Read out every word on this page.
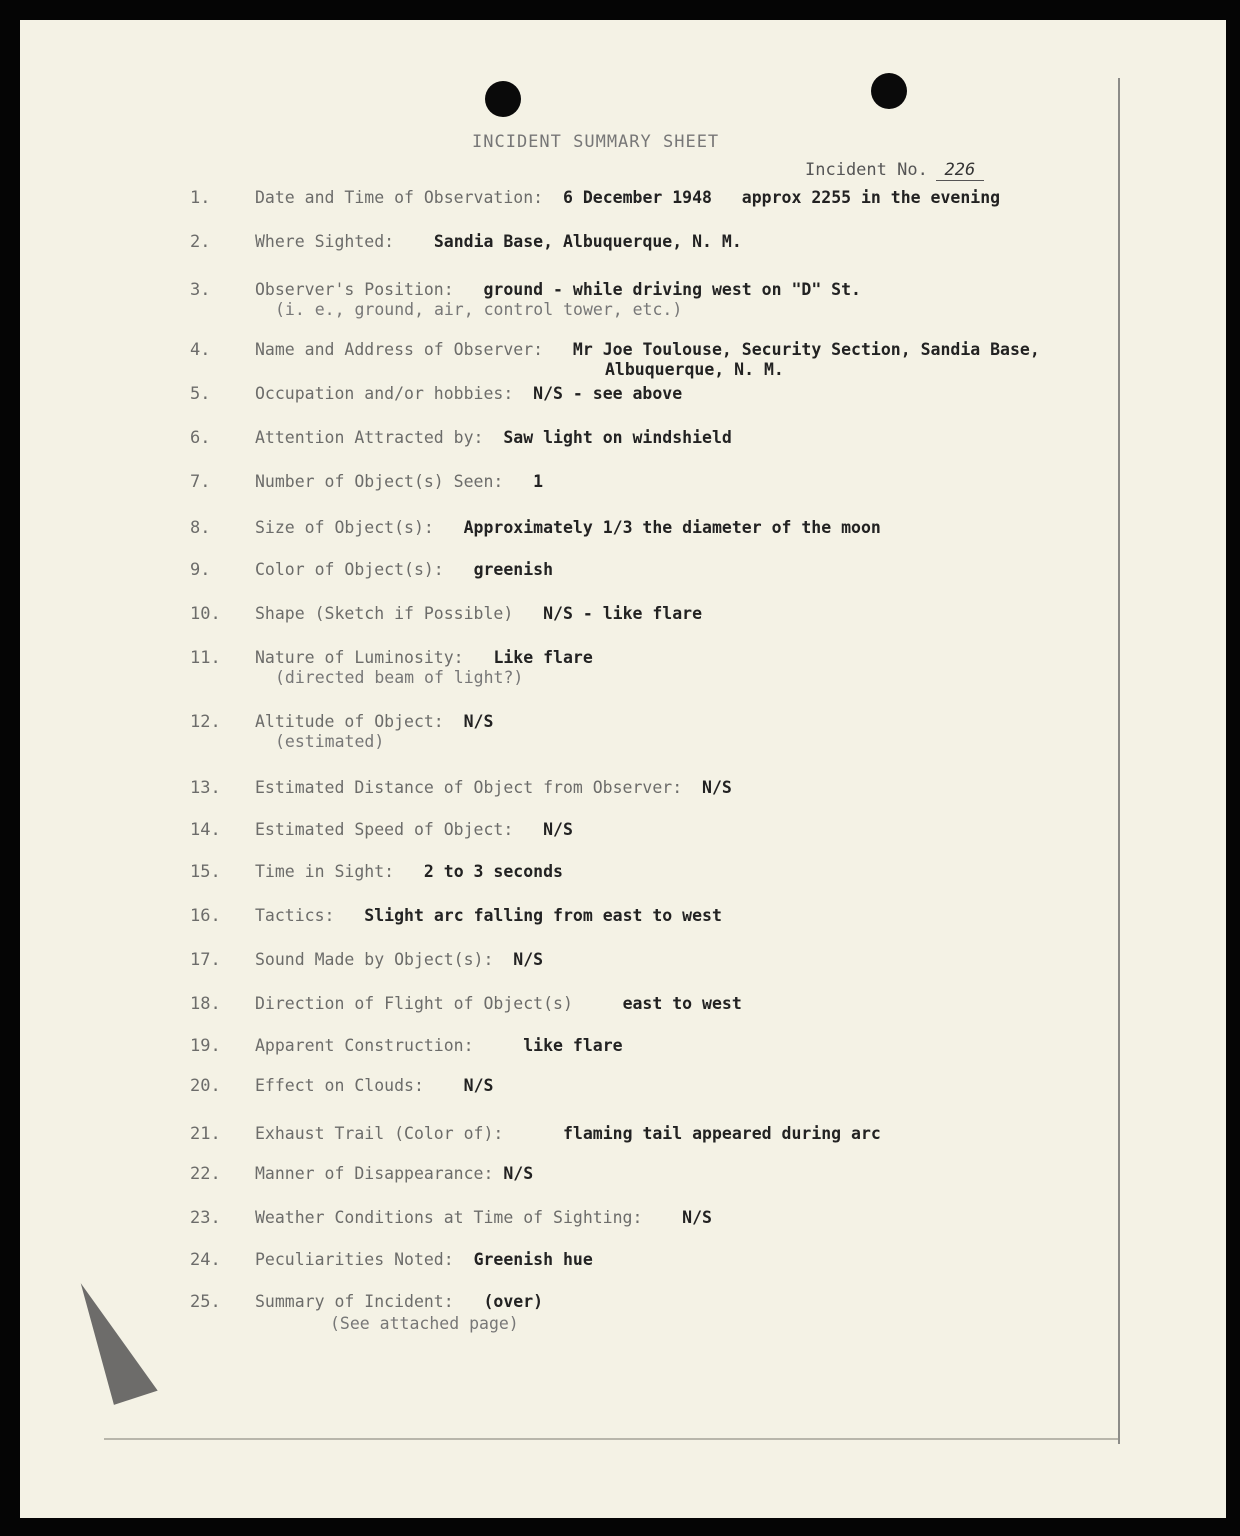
INCIDENT SUMMARY SHEET
Incident No. 226
1.	Date and Time of Observation: 6 December 1948 approx 2255 in the evening
2.	Where Sighted: Sandia Base, Albuquerque, N. M.
3.	Observer's Position: ground - while driving west on "D" St.
(i. e., ground, air, control tower, etc.)
4.	Name and Address of Observer: Mr Joe Toulouse, Security Section, Sandia Base,
Albuquerque, N. M.
5.	Occupation and/or hobbies: N/S - see above
6.	Attention Attracted by: Saw light on windshield
7.	Number of Object(s) Seen: 1
8.	Size of Object(s): Approximately 1/3 the diameter of the moon
9.	Color of Object(s): greenish
10. Shape (Sketch if Possible) N/S - like flare
11. Nature of Luminosity: Like flare
(directed beam of light?)
12. Altitude of Object: N/S
(estimated)
13. Estimated Distance of Object from Observer: N/S
14. Estimated Speed of Object: N/S
15. Time in Sight: 2 to 3 seconds
16. Tactics: Slight arc falling from east to west
17. Sound Made by Object(s): N/S
18. Direction of Flight of Object(s)	east to west
19. Apparent Construction:	like flare
20. Effect on Clouds: N/S
21. Exhaust Trail (Color of):	flaming tail appeared during arc
22. Manner of Disappearance: N/S
23. Weather Conditions at Time of Sighting: N/S
24. Peculiarities Noted: Greenish hue
25. Summary of Incident: (over)
(See attached page)
